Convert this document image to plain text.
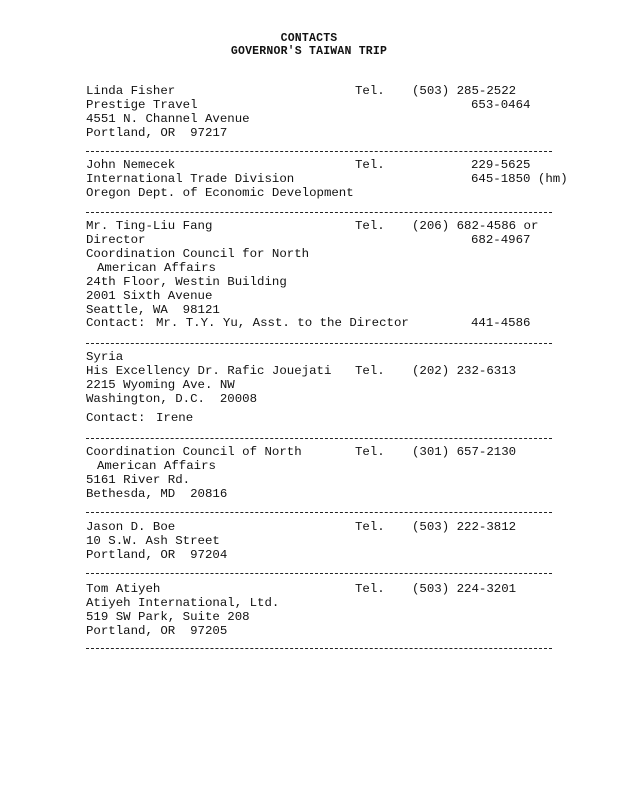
CONTACTS
GOVERNOR'S TAIWAN TRIP
Linda Fisher
Prestige Travel
4551 N. Channel Avenue
Portland, OR  97217
Tel. (503) 285-2522
653-0464
John Nemecek
International Trade Division
Oregon Dept. of Economic Development
Tel.	229-5625
645-1850 (hm)
Mr. Ting-Liu Fang
Director
Coordination Council for North
American Affairs
24th Floor, Westin Building
2001 Sixth Avenue
Seattle, WA  98121
Tel. (206) 682-4586 or
682-4967
Contact: Mr. T.Y. Yu, Asst. to the Director	441-4586
Syria
His Excellency Dr. Rafic Jouejati
2215 Wyoming Ave. NW
Washington, D.C.  20008
Tel. (202) 232-6313
Contact: Irene
Coordination Council of North
American Affairs
5161 River Rd.
Bethesda, MD  20816
Tel. (301) 657-2130
Jason D. Boe
10 S.W. Ash Street
Portland, OR  97204
Tel. (503) 222-3812
Tom Atiyeh
Atiyeh International, Ltd.
519 SW Park, Suite 208
Portland, OR  97205
Tel. (503) 224-3201
